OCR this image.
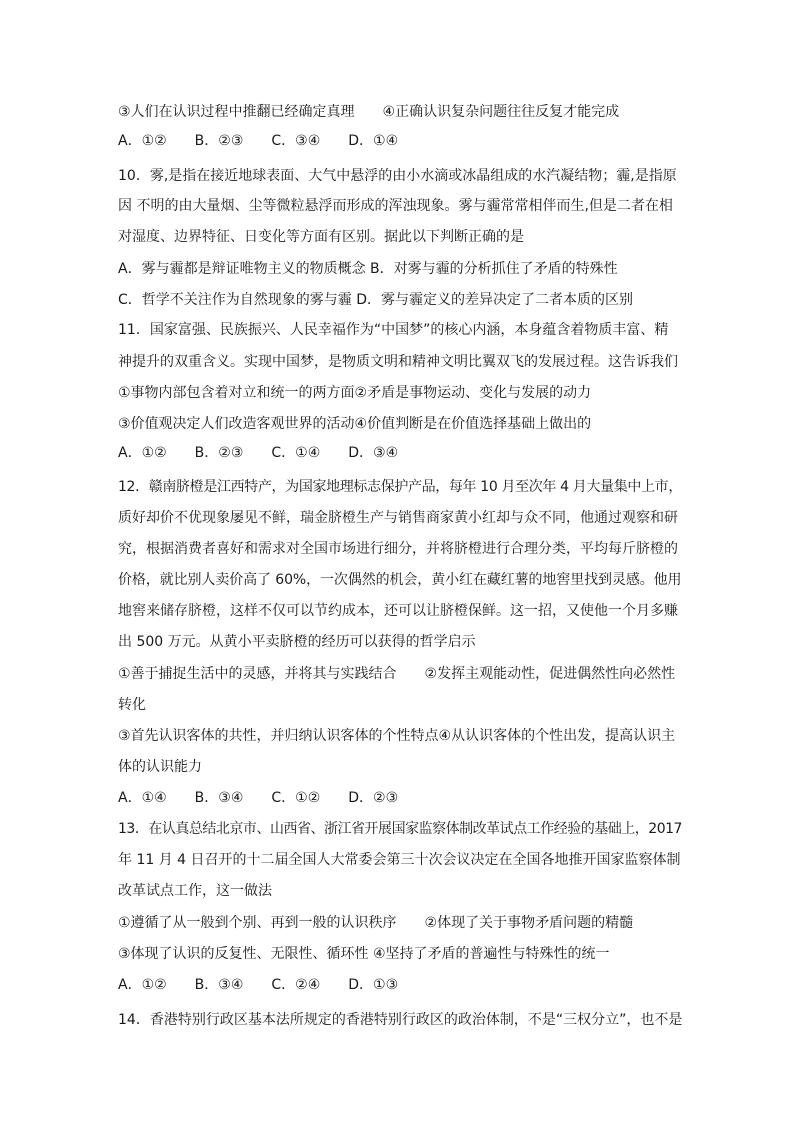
③人们在认识过程中推翻已经确定真理　　④正确认识复杂问题往往反复才能完成
A．①②　　B．②③　　C．③④　　D．①④
10．雾,是指在接近地球表面、大气中悬浮的由小水滴或冰晶组成的水汽凝结物；霾,是指原
因 不明的由大量烟、尘等微粒悬浮而形成的浑浊现象。雾与霾常常相伴而生,但是二者在相
对湿度、边界特征、日变化等方面有区别。据此以下判断正确的是
A．雾与霾都是辩证唯物主义的物质概念 B．对雾与霾的分析抓住了矛盾的特殊性
C．哲学不关注作为自然现象的雾与霾 D．雾与霾定义的差异决定了二者本质的区别
11．国家富强、民族振兴、人民幸福作为“中国梦”的核心内涵，本身蕴含着物质丰富、精
神提升的双重含义。实现中国梦，是物质文明和精神文明比翼双飞的发展过程。这告诉我们
①事物内部包含着对立和统一的两方面②矛盾是事物运动、变化与发展的动力
③价值观决定人们改造客观世界的活动④价值判断是在价值选择基础上做出的
A．①②　　B．②③　　C．①④　　D．③④
12．赣南脐橙是江西特产，为国家地理标志保护产品，每年 10 月至次年 4 月大量集中上市，
质好却价不优现象屡见不鲜，瑞金脐橙生产与销售商家黄小红却与众不同，他通过观察和研
究，根据消费者喜好和需求对全国市场进行细分，并将脐橙进行合理分类，平均每斤脐橙的
价格，就比别人卖价高了 60%，一次偶然的机会，黄小红在藏红薯的地窖里找到灵感。他用
地窖来储存脐橙，这样不仅可以节约成本，还可以让脐橙保鲜。这一招，又使他一个月多赚
出 500 万元。从黄小平卖脐橙的经历可以获得的哲学启示
①善于捕捉生活中的灵感，并将其与实践结合　　②发挥主观能动性，促进偶然性向必然性
转化
③首先认识客体的共性，并归纳认识客体的个性特点④从认识客体的个性出发，提高认识主
体的认识能力
A．①④　　B．③④　　C．①②　　D．②③
13．在认真总结北京市、山西省、浙江省开展国家监察体制改革试点工作经验的基础上，2017
年 11 月 4 日召开的十二届全国人大常委会第三十次会议决定在全国各地推开国家监察体制
改革试点工作，这一做法
①遵循了从一般到个别、再到一般的认识秩序　　②体现了关于事物矛盾问题的精髓
③体现了认识的反复性、无限性、循环性 ④坚持了矛盾的普遍性与特殊性的统一
A．①②　　B．③④　　C．②④　　D．①③
14．香港特别行政区基本法所规定的香港特别行政区的政治体制，不是“三权分立”，也不是
